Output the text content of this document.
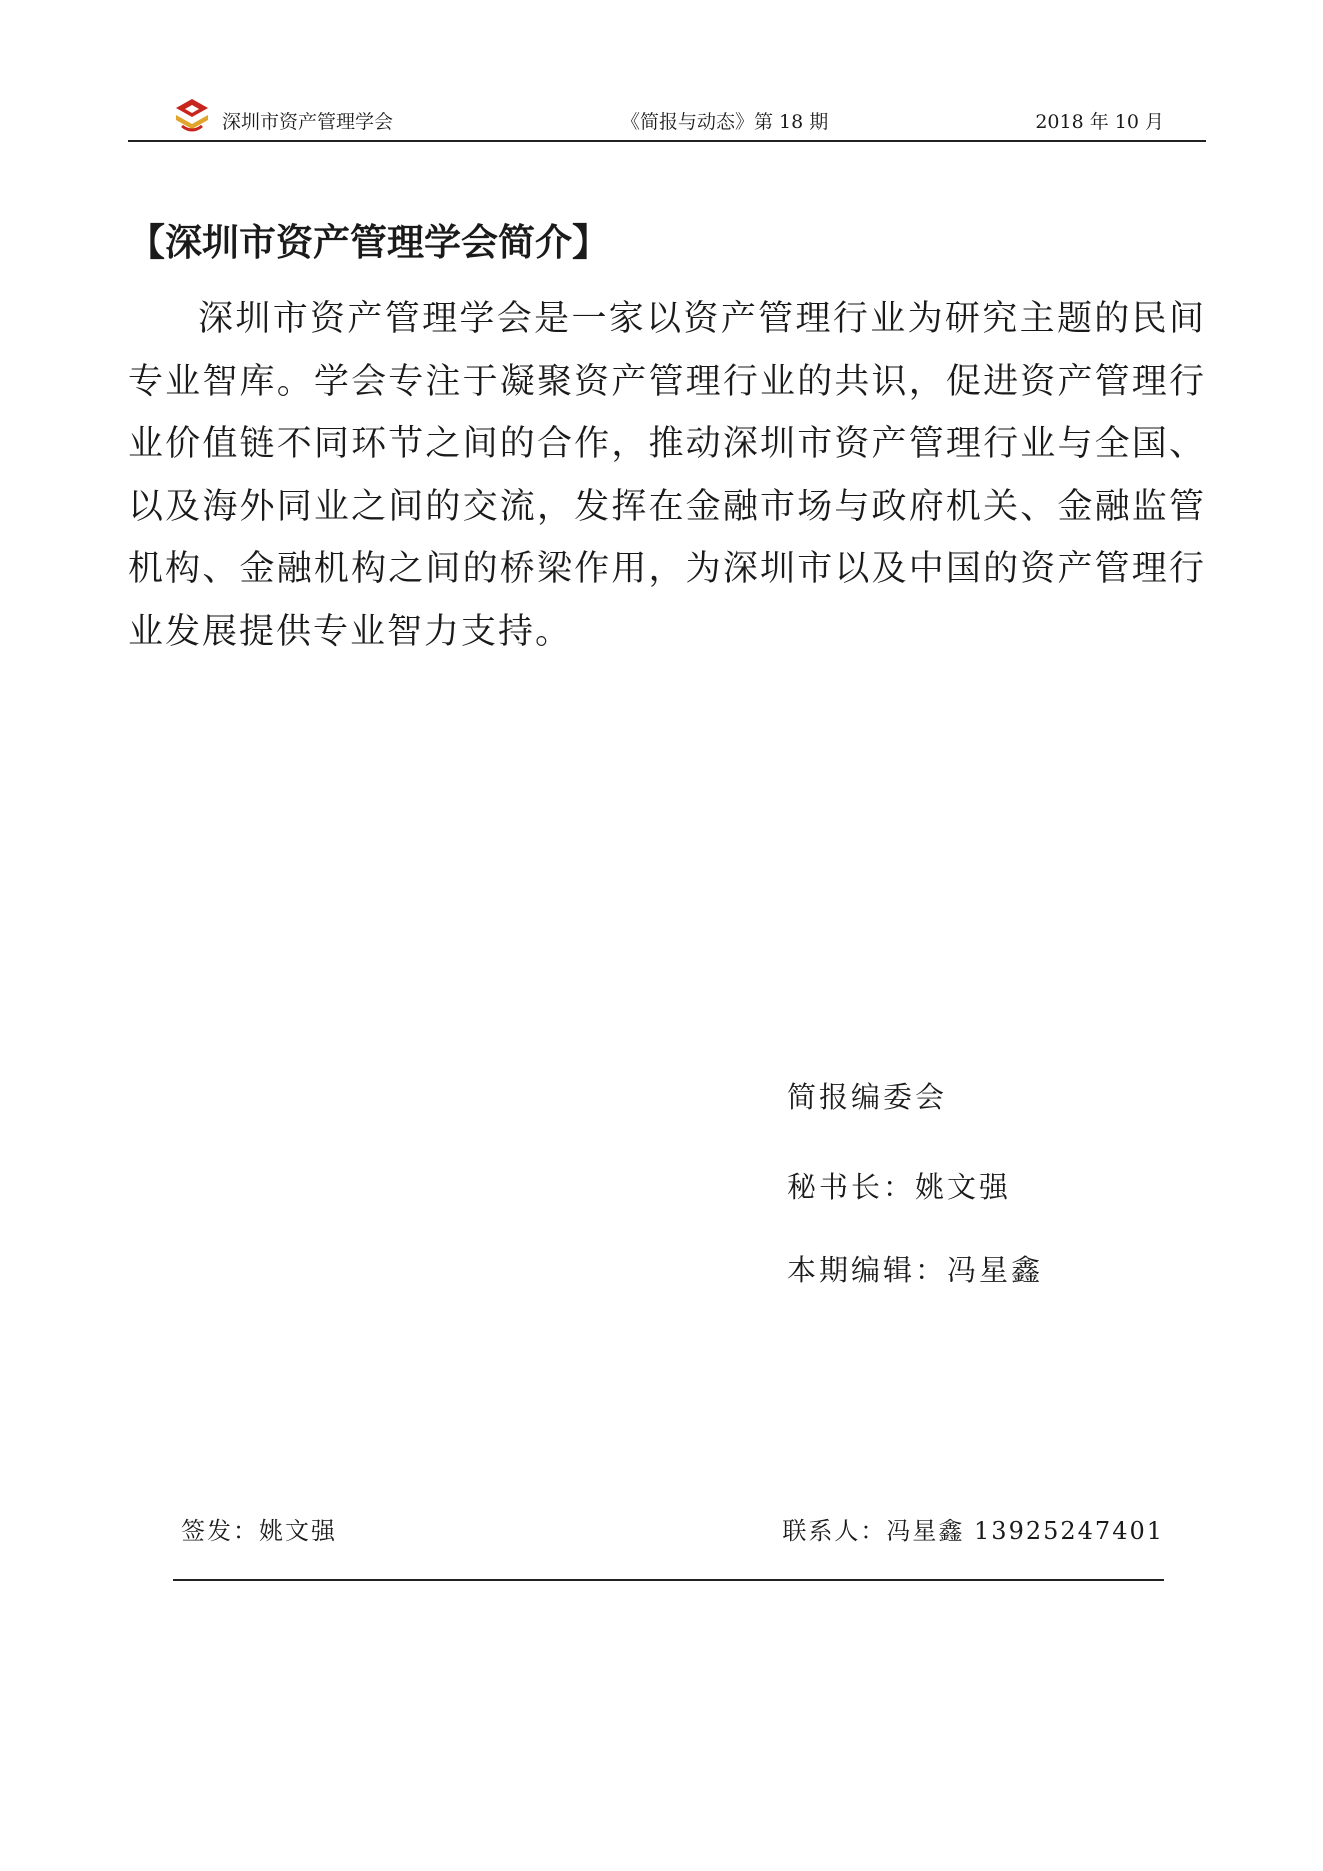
深圳市资产管理学会	《简报与动态》第 18 期	2018 年 10 月
【深圳市资产管理学会简介】

深圳市资产管理学会是一家以资产管理行业为研究主题的民间专业智库。学会专注于凝聚资产管理行业的共识，促进资产管理行业价值链不同环节之间的合作，推动深圳市资产管理行业与全国、以及海外同业之间的交流，发挥在金融市场与政府机关、金融监管机构、金融机构之间的桥梁作用，为深圳市以及中国的资产管理行业发展提供专业智力支持。

简报编委会
秘书长：姚文强
本期编辑：冯星鑫
签发：姚文强	联系人：冯星鑫 13925247401
